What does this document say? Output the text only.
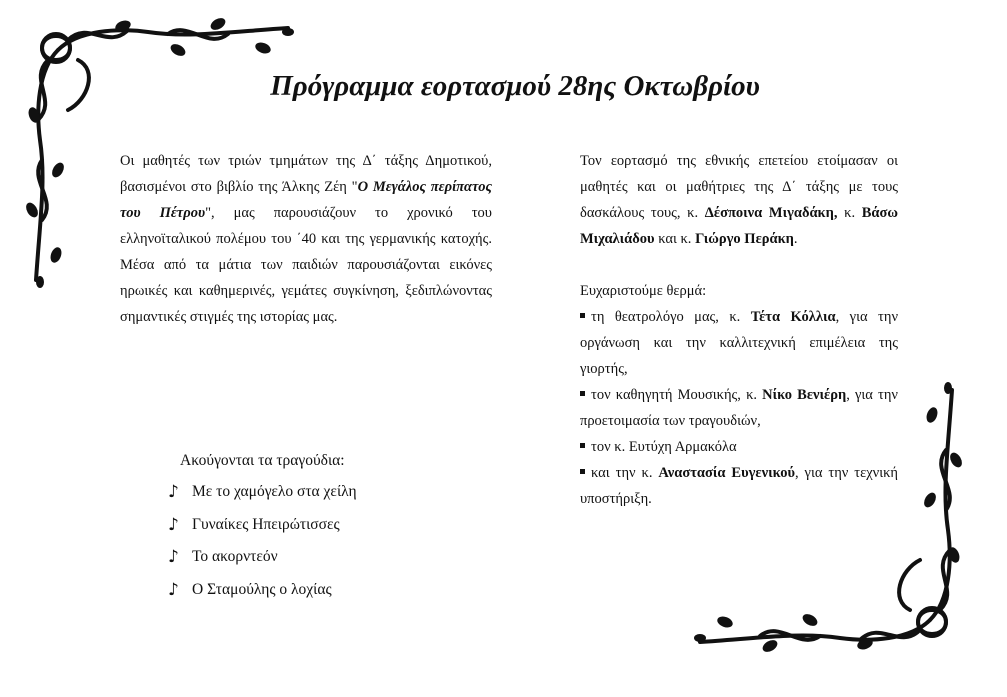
Πρόγραμμα εορτασμού 28ης Οκτωβρίου
Οι μαθητές των τριών τμημάτων της Δ΄ τάξης Δημοτικού, βασισμένοι στο βιβλίο της Άλκης Ζέη "Ο Μεγάλος περίπατος του Πέτρου", μας παρουσιάζουν το χρονικό του ελληνοϊταλικού πολέμου του ΄40 και της γερμανικής κατοχής. Μέσα από τα μάτια των παιδιών παρουσιάζονται εικόνες ηρωικές και καθημερινές, γεμάτες συγκίνηση, ξεδιπλώνοντας σημαντικές στιγμές της ιστορίας μας.
Ακούγονται τα τραγούδια:
♪ Με το χαμόγελο στα χείλη
♪ Γυναίκες Ηπειρώτισσες
♪ Το ακορντεόν
♪ Ο Σταμούλης ο λοχίας
Τον εορτασμό της εθνικής επετείου ετοίμασαν οι μαθητές και οι μαθήτριες της Δ΄ τάξης με τους δασκάλους τους, κ. Δέσποινα Μιγαδάκη, κ. Βάσω Μιχαλιάδου και κ. Γιώργο Περάκη.
Ευχαριστούμε θερμά:
τη θεατρολόγο μας, κ. Τέτα Κόλλια, για την οργάνωση και την καλλιτεχνική επιμέλεια της γιορτής,
τον καθηγητή Μουσικής, κ. Νίκο Βενιέρη, για την προετοιμασία των τραγουδιών,
τον κ. Ευτύχη Αρμακόλα
και την κ. Αναστασία Ευγενικού, για την τεχνική υποστήριξη.
